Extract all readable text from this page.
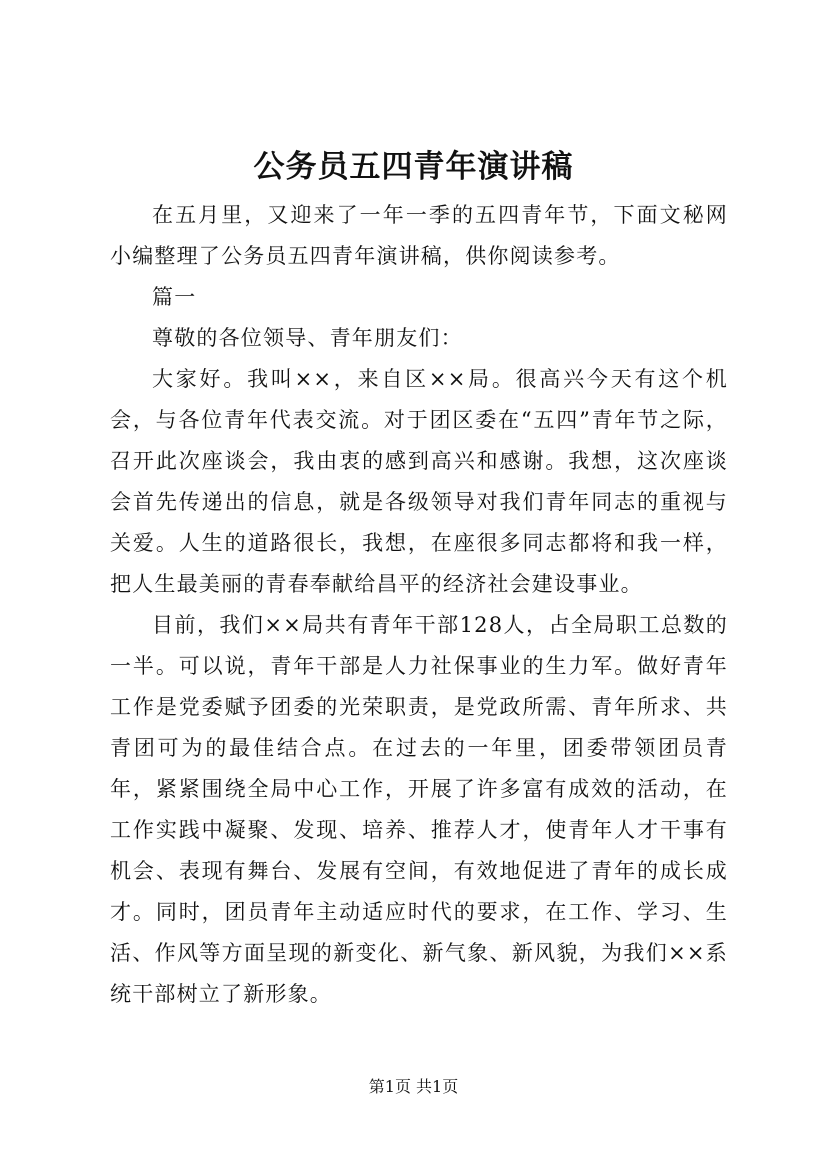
公务员五四青年演讲稿

在五月里，又迎来了一年一季的五四青年节，下面文秘网小编整理了公务员五四青年演讲稿，供你阅读参考。

篇一

尊敬的各位领导、青年朋友们：

大家好。我叫××，来自区××局。很高兴今天有这个机会，与各位青年代表交流。对于团区委在“五四”青年节之际，召开此次座谈会，我由衷的感到高兴和感谢。我想，这次座谈会首先传递出的信息，就是各级领导对我们青年同志的重视与关爱。人生的道路很长，我想，在座很多同志都将和我一样，把人生最美丽的青春奉献给昌平的经济社会建设事业。

目前，我们××局共有青年干部128人，占全局职工总数的一半。可以说，青年干部是人力社保事业的生力军。做好青年工作是党委赋予团委的光荣职责，是党政所需、青年所求、共青团可为的最佳结合点。在过去的一年里，团委带领团员青年，紧紧围绕全局中心工作，开展了许多富有成效的活动，在工作实践中凝聚、发现、培养、推荐人才，使青年人才干事有机会、表现有舞台、发展有空间，有效地促进了青年的成长成才。同时，团员青年主动适应时代的要求，在工作、学习、生活、作风等方面呈现的新变化、新气象、新风貌，为我们××系统干部树立了新形象。

第1页 共1页
